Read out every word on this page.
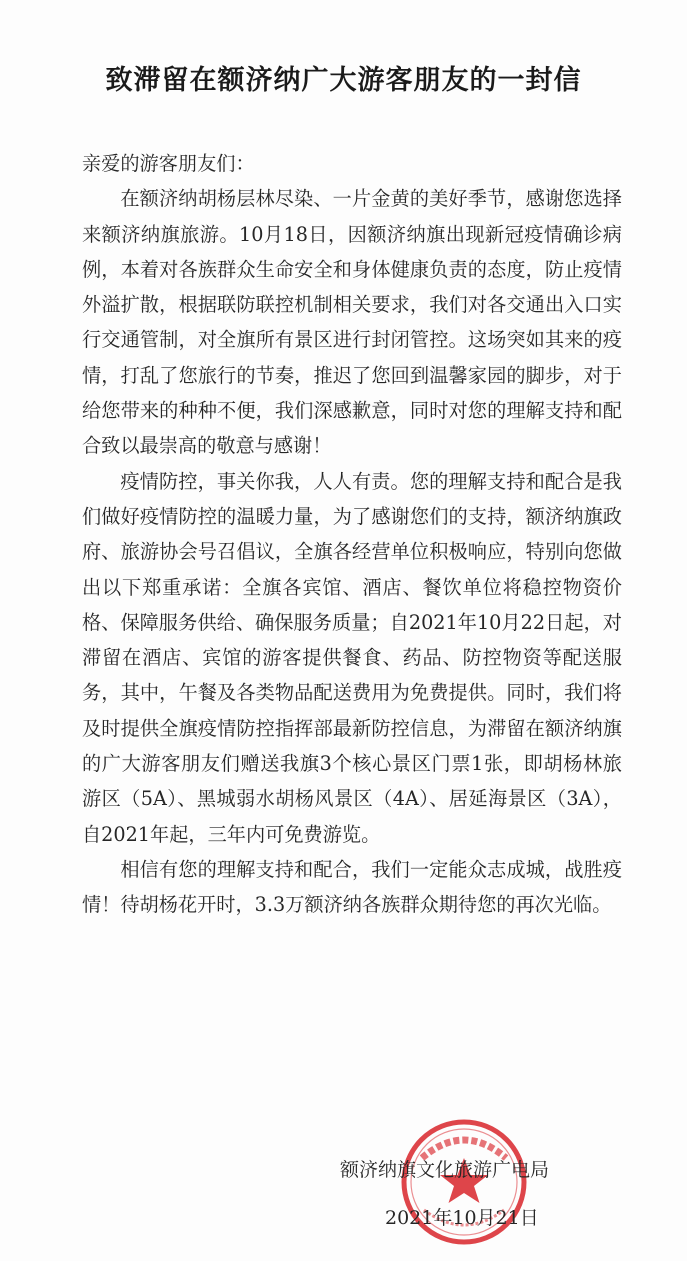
致滞留在额济纳广大游客朋友的一封信

亲爱的游客朋友们：

在额济纳胡杨层林尽染、一片金黄的美好季节，感谢您选择来额济纳旗旅游。10月18日，因额济纳旗出现新冠疫情确诊病例，本着对各族群众生命安全和身体健康负责的态度，防止疫情外溢扩散，根据联防联控机制相关要求，我们对各交通出入口实行交通管制，对全旗所有景区进行封闭管控。这场突如其来的疫情，打乱了您旅行的节奏，推迟了您回到温馨家园的脚步，对于给您带来的种种不便，我们深感歉意，同时对您的理解支持和配合致以最崇高的敬意与感谢！

疫情防控，事关你我，人人有责。您的理解支持和配合是我们做好疫情防控的温暖力量，为了感谢您们的支持，额济纳旗政府、旅游协会号召倡议，全旗各经营单位积极响应，特别向您做出以下郑重承诺：全旗各宾馆、酒店、餐饮单位将稳控物资价格、保障服务供给、确保服务质量；自2021年10月22日起，对滞留在酒店、宾馆的游客提供餐食、药品、防控物资等配送服务，其中，午餐及各类物品配送费用为免费提供。同时，我们将及时提供全旗疫情防控指挥部最新防控信息，为滞留在额济纳旗的广大游客朋友们赠送我旗3个核心景区门票1张，即胡杨林旅游区（5A）、黑城弱水胡杨风景区（4A）、居延海景区（3A），自2021年起，三年内可免费游览。

相信有您的理解支持和配合，我们一定能众志成城，战胜疫情！待胡杨花开时，3.3万额济纳各族群众期待您的再次光临。

额济纳旗文化旅游广电局

2021年10月21日
